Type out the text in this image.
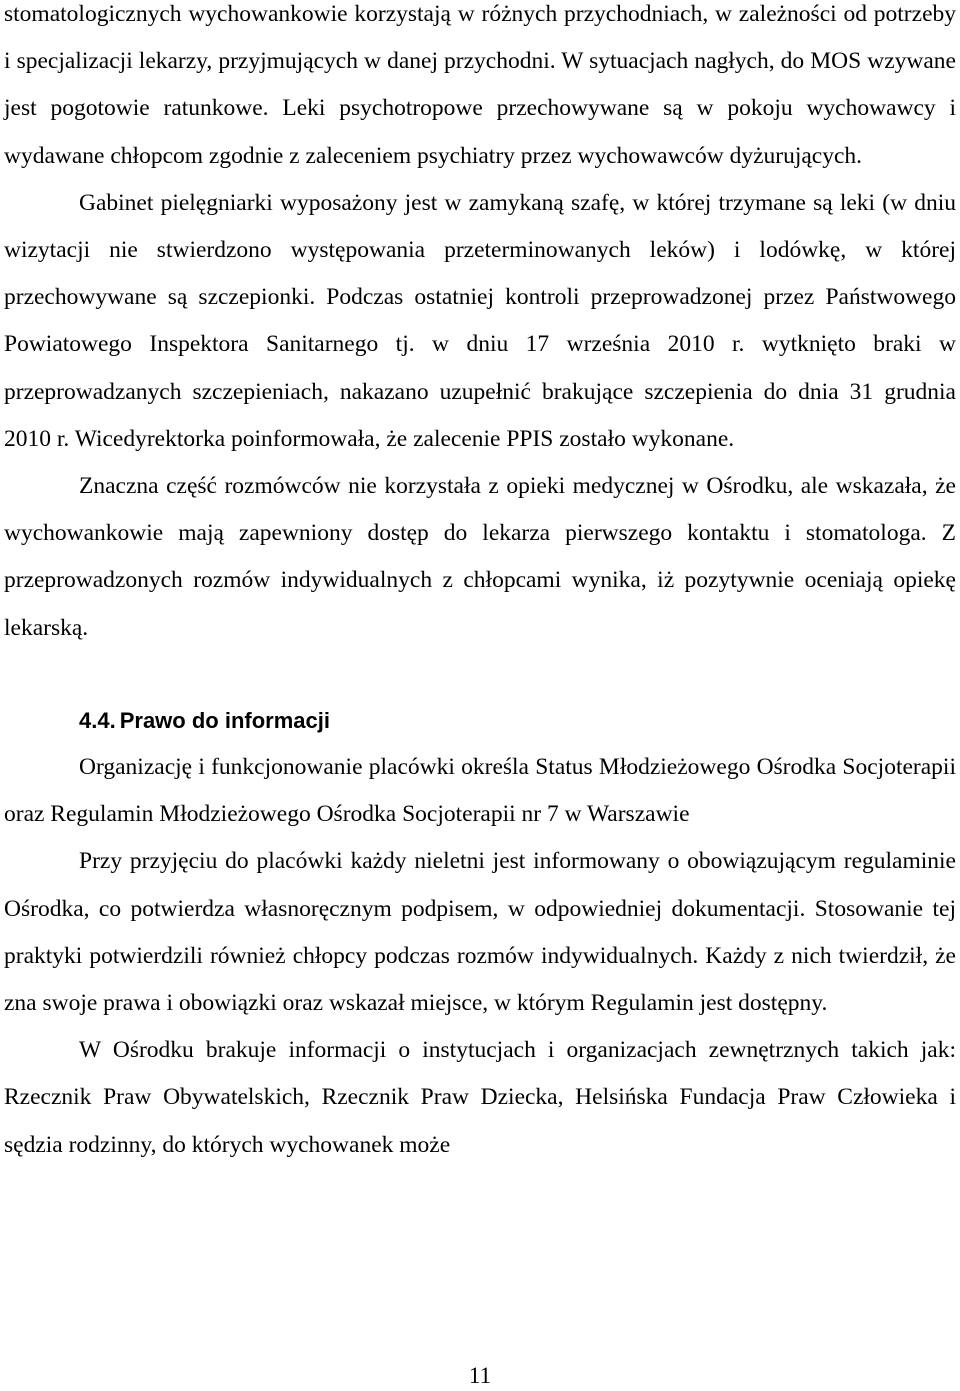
stomatologicznych wychowankowie korzystają w różnych przychodniach, w zależności od potrzeby i specjalizacji lekarzy, przyjmujących w danej przychodni. W sytuacjach nagłych, do MOS wzywane jest pogotowie ratunkowe. Leki psychotropowe przechowywane są w pokoju wychowawcy i wydawane chłopcom zgodnie z zaleceniem psychiatry przez wychowawców dyżurujących.

Gabinet pielęgniarki wyposażony jest w zamykaną szafę, w której trzymane są leki (w dniu wizytacji nie stwierdzono występowania przeterminowanych leków) i lodówkę, w której przechowywane są szczepionki. Podczas ostatniej kontroli przeprowadzonej przez Państwowego Powiatowego Inspektora Sanitarnego tj. w dniu 17 września 2010 r. wytknięto braki w przeprowadzanych szczepieniach, nakazano uzupełnić brakujące szczepienia do dnia 31 grudnia 2010 r. Wicedyrektorka poinformowała, że zalecenie PPIS zostało wykonane.

Znaczna część rozmówców nie korzystała z opieki medycznej w Ośrodku, ale wskazała, że wychowankowie mają zapewniony dostęp do lekarza pierwszego kontaktu i stomatologa. Z przeprowadzonych rozmów indywidualnych z chłopcami wynika, iż pozytywnie oceniają opiekę lekarską.

4.4. Prawo do informacji

Organizację i funkcjonowanie placówki określa Status Młodzieżowego Ośrodka Socjoterapii oraz Regulamin Młodzieżowego Ośrodka Socjoterapii nr 7 w Warszawie

Przy przyjęciu do placówki każdy nieletni jest informowany o obowiązującym regulaminie Ośrodka, co potwierdza własnoręcznym podpisem, w odpowiedniej dokumentacji. Stosowanie tej praktyki potwierdzili również chłopcy podczas rozmów indywidualnych. Każdy z nich twierdził, że zna swoje prawa i obowiązki oraz wskazał miejsce, w którym Regulamin jest dostępny.

W Ośrodku brakuje informacji o instytucjach i organizacjach zewnętrznych takich jak: Rzecznik Praw Obywatelskich, Rzecznik Praw Dziecka, Helsińska Fundacja Praw Człowieka i sędzia rodzinny, do których wychowanek może

11
